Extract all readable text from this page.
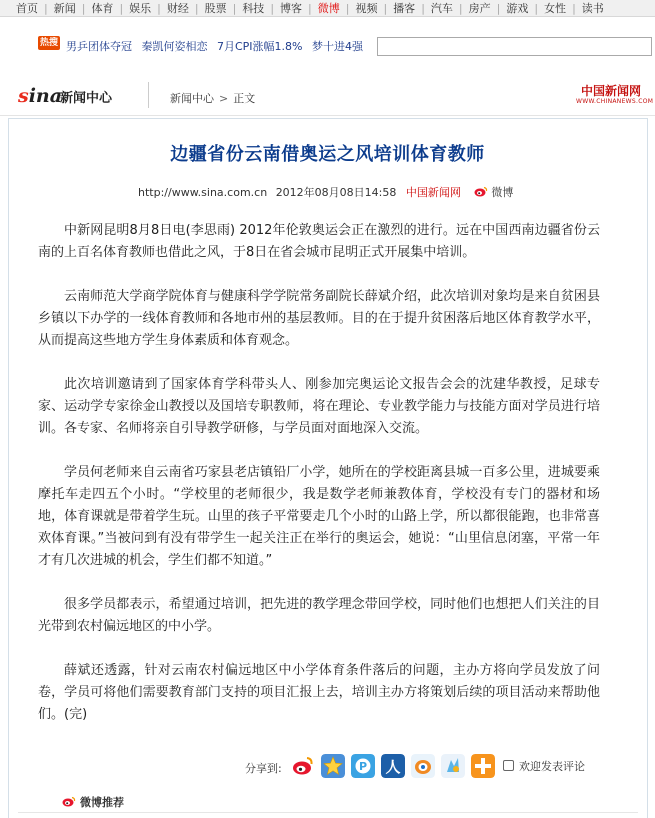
首页 | 新闻 | 体育 | 娱乐 | 财经 | 股票 | 科技 | 博客 | 微博 | 视频 | 播客 | 汽车 | 房产 | 游戏 | 女性 | 读书
热搜 男乒团体夺冠 秦凯何姿相恋 7月CPI涨幅1.8% 梦十进4强
sina
新闻中心	新闻中心 > 正文
中国新闻网
WWW.CHINANEWS.COM
边疆省份云南借奥运之风培训体育教师
http://www.sina.com.cn 2012年08月08日14:58 中国新闻网	微博

中新网昆明8月8日电(李思雨) 2012年伦敦奥运会正在激烈的进行。远在中国西南边疆省份云南的上百名体育教师也借此之风，于8日在省会城市昆明正式开展集中培训。

云南师范大学商学院体育与健康科学学院常务副院长薛斌介绍，此次培训对象均是来自贫困县乡镇以下办学的一线体育教师和各地市州的基层教师。目的在于提升贫困落后地区体育教学水平，从而提高这些地方学生身体素质和体育观念。

此次培训邀请到了国家体育学科带头人、刚参加完奥运论文报告会会的沈建华教授，足球专家、运动学专家徐金山教授以及国培专职教师，将在理论、专业教学能力与技能方面对学员进行培训。各专家、名师将亲自引导教学研修，与学员面对面地深入交流。

学员何老师来自云南省巧家县老店镇铅厂小学，她所在的学校距离县城一百多公里，进城要乘摩托车走四五个小时。“学校里的老师很少，我是数学老师兼教体育，学校没有专门的器材和场地，体育课就是带着学生玩。山里的孩子平常要走几个小时的山路上学，所以都很能跑，也非常喜欢体育课。”当被问到有没有带学生一起关注正在举行的奥运会，她说：“山里信息闭塞，平常一年才有几次进城的机会，学生们都不知道。”

很多学员都表示，希望通过培训，把先进的教学理念带回学校，同时他们也想把人们关注的目光带到农村偏远地区的中小学。

薛斌还透露，针对云南农村偏远地区中小学体育条件落后的问题，主办方将向学员发放了问卷，学员可将他们需要教育部门支持的项目汇报上去，培训主办方将策划后续的项目活动来帮助他们。(完)

分享到:	P 人	欢迎发表评论
微博推荐
